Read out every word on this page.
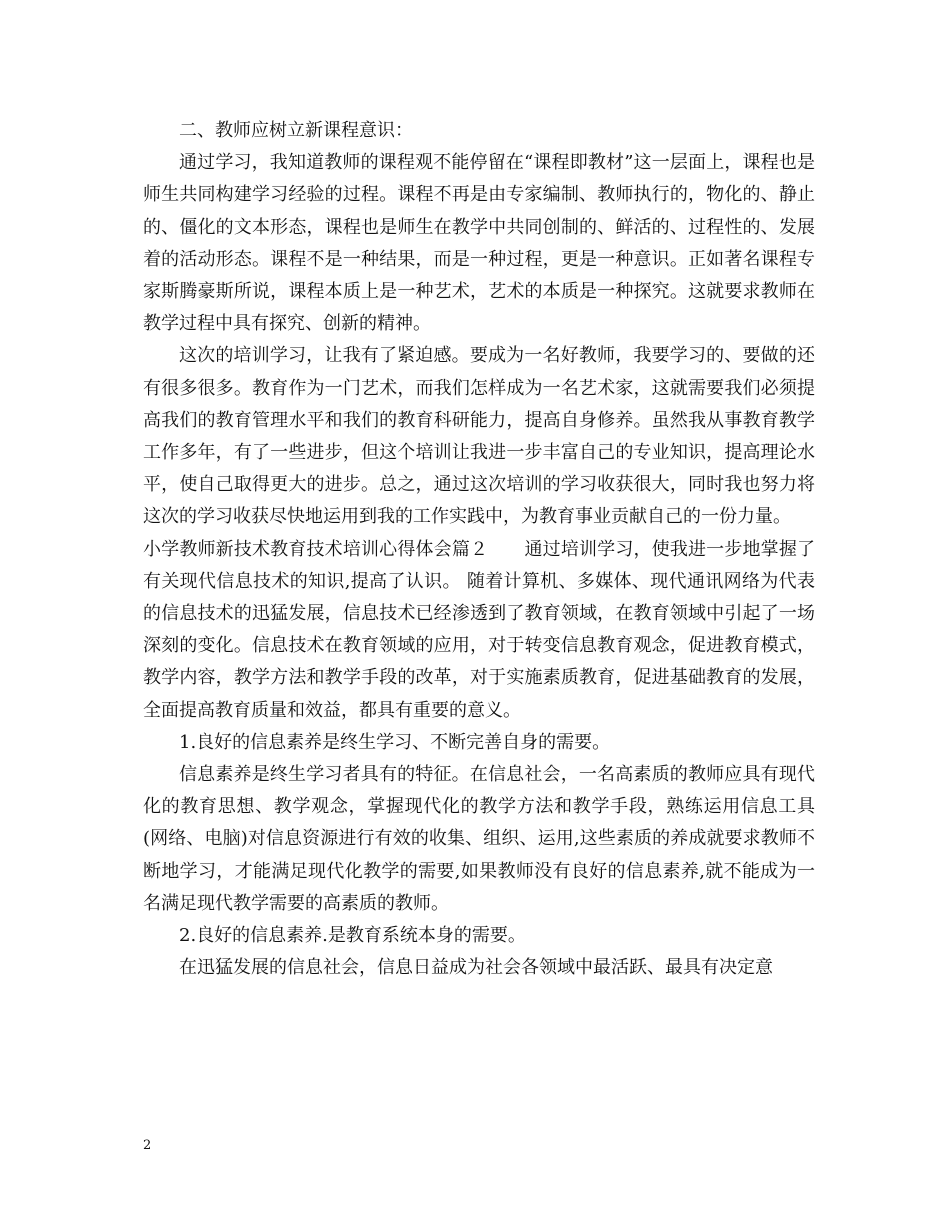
二、教师应树立新课程意识：

通过学习，我知道教师的课程观不能停留在“课程即教材”这一层面上，课程也是师生共同构建学习经验的过程。课程不再是由专家编制、教师执行的，物化的、静止的、僵化的文本形态，课程也是师生在教学中共同创制的、鲜活的、过程性的、发展着的活动形态。课程不是一种结果，而是一种过程，更是一种意识。正如著名课程专家斯腾豪斯所说，课程本质上是一种艺术，艺术的本质是一种探究。这就要求教师在教学过程中具有探究、创新的精神。

这次的培训学习，让我有了紧迫感。要成为一名好教师，我要学习的、要做的还有很多很多。教育作为一门艺术，而我们怎样成为一名艺术家，这就需要我们必须提高我们的教育管理水平和我们的教育科研能力，提高自身修养。虽然我从事教育教学工作多年，有了一些进步，但这个培训让我进一步丰富自己的专业知识，提高理论水平，使自己取得更大的进步。总之，通过这次培训的学习收获很大，同时我也努力将这次的学习收获尽快地运用到我的工作实践中，为教育事业贡献自己的一份力量。

小学教师新技术教育技术培训心得体会篇２　　通过培训学习，使我进一步地掌握了有关现代信息技术的知识,提高了认识。 随着计算机、多媒体、现代通讯网络为代表的信息技术的迅猛发展，信息技术已经渗透到了教育领域，在教育领域中引起了一场深刻的变化。信息技术在教育领域的应用，对于转变信息教育观念，促进教育模式，教学内容，教学方法和教学手段的改革，对于实施素质教育，促进基础教育的发展，全面提高教育质量和效益，都具有重要的意义。

1.良好的信息素养是终生学习、不断完善自身的需要。

信息素养是终生学习者具有的特征。在信息社会，一名高素质的教师应具有现代化的教育思想、教学观念，掌握现代化的教学方法和教学手段，熟练运用信息工具(网络、电脑)对信息资源进行有效的收集、组织、运用,这些素质的养成就要求教师不断地学习，才能满足现代化教学的需要,如果教师没有良好的信息素养,就不能成为一名满足现代教学需要的高素质的教师。

2.良好的信息素养.是教育系统本身的需要。

在迅猛发展的信息社会，信息日益成为社会各领域中最活跃、最具有决定意

2
